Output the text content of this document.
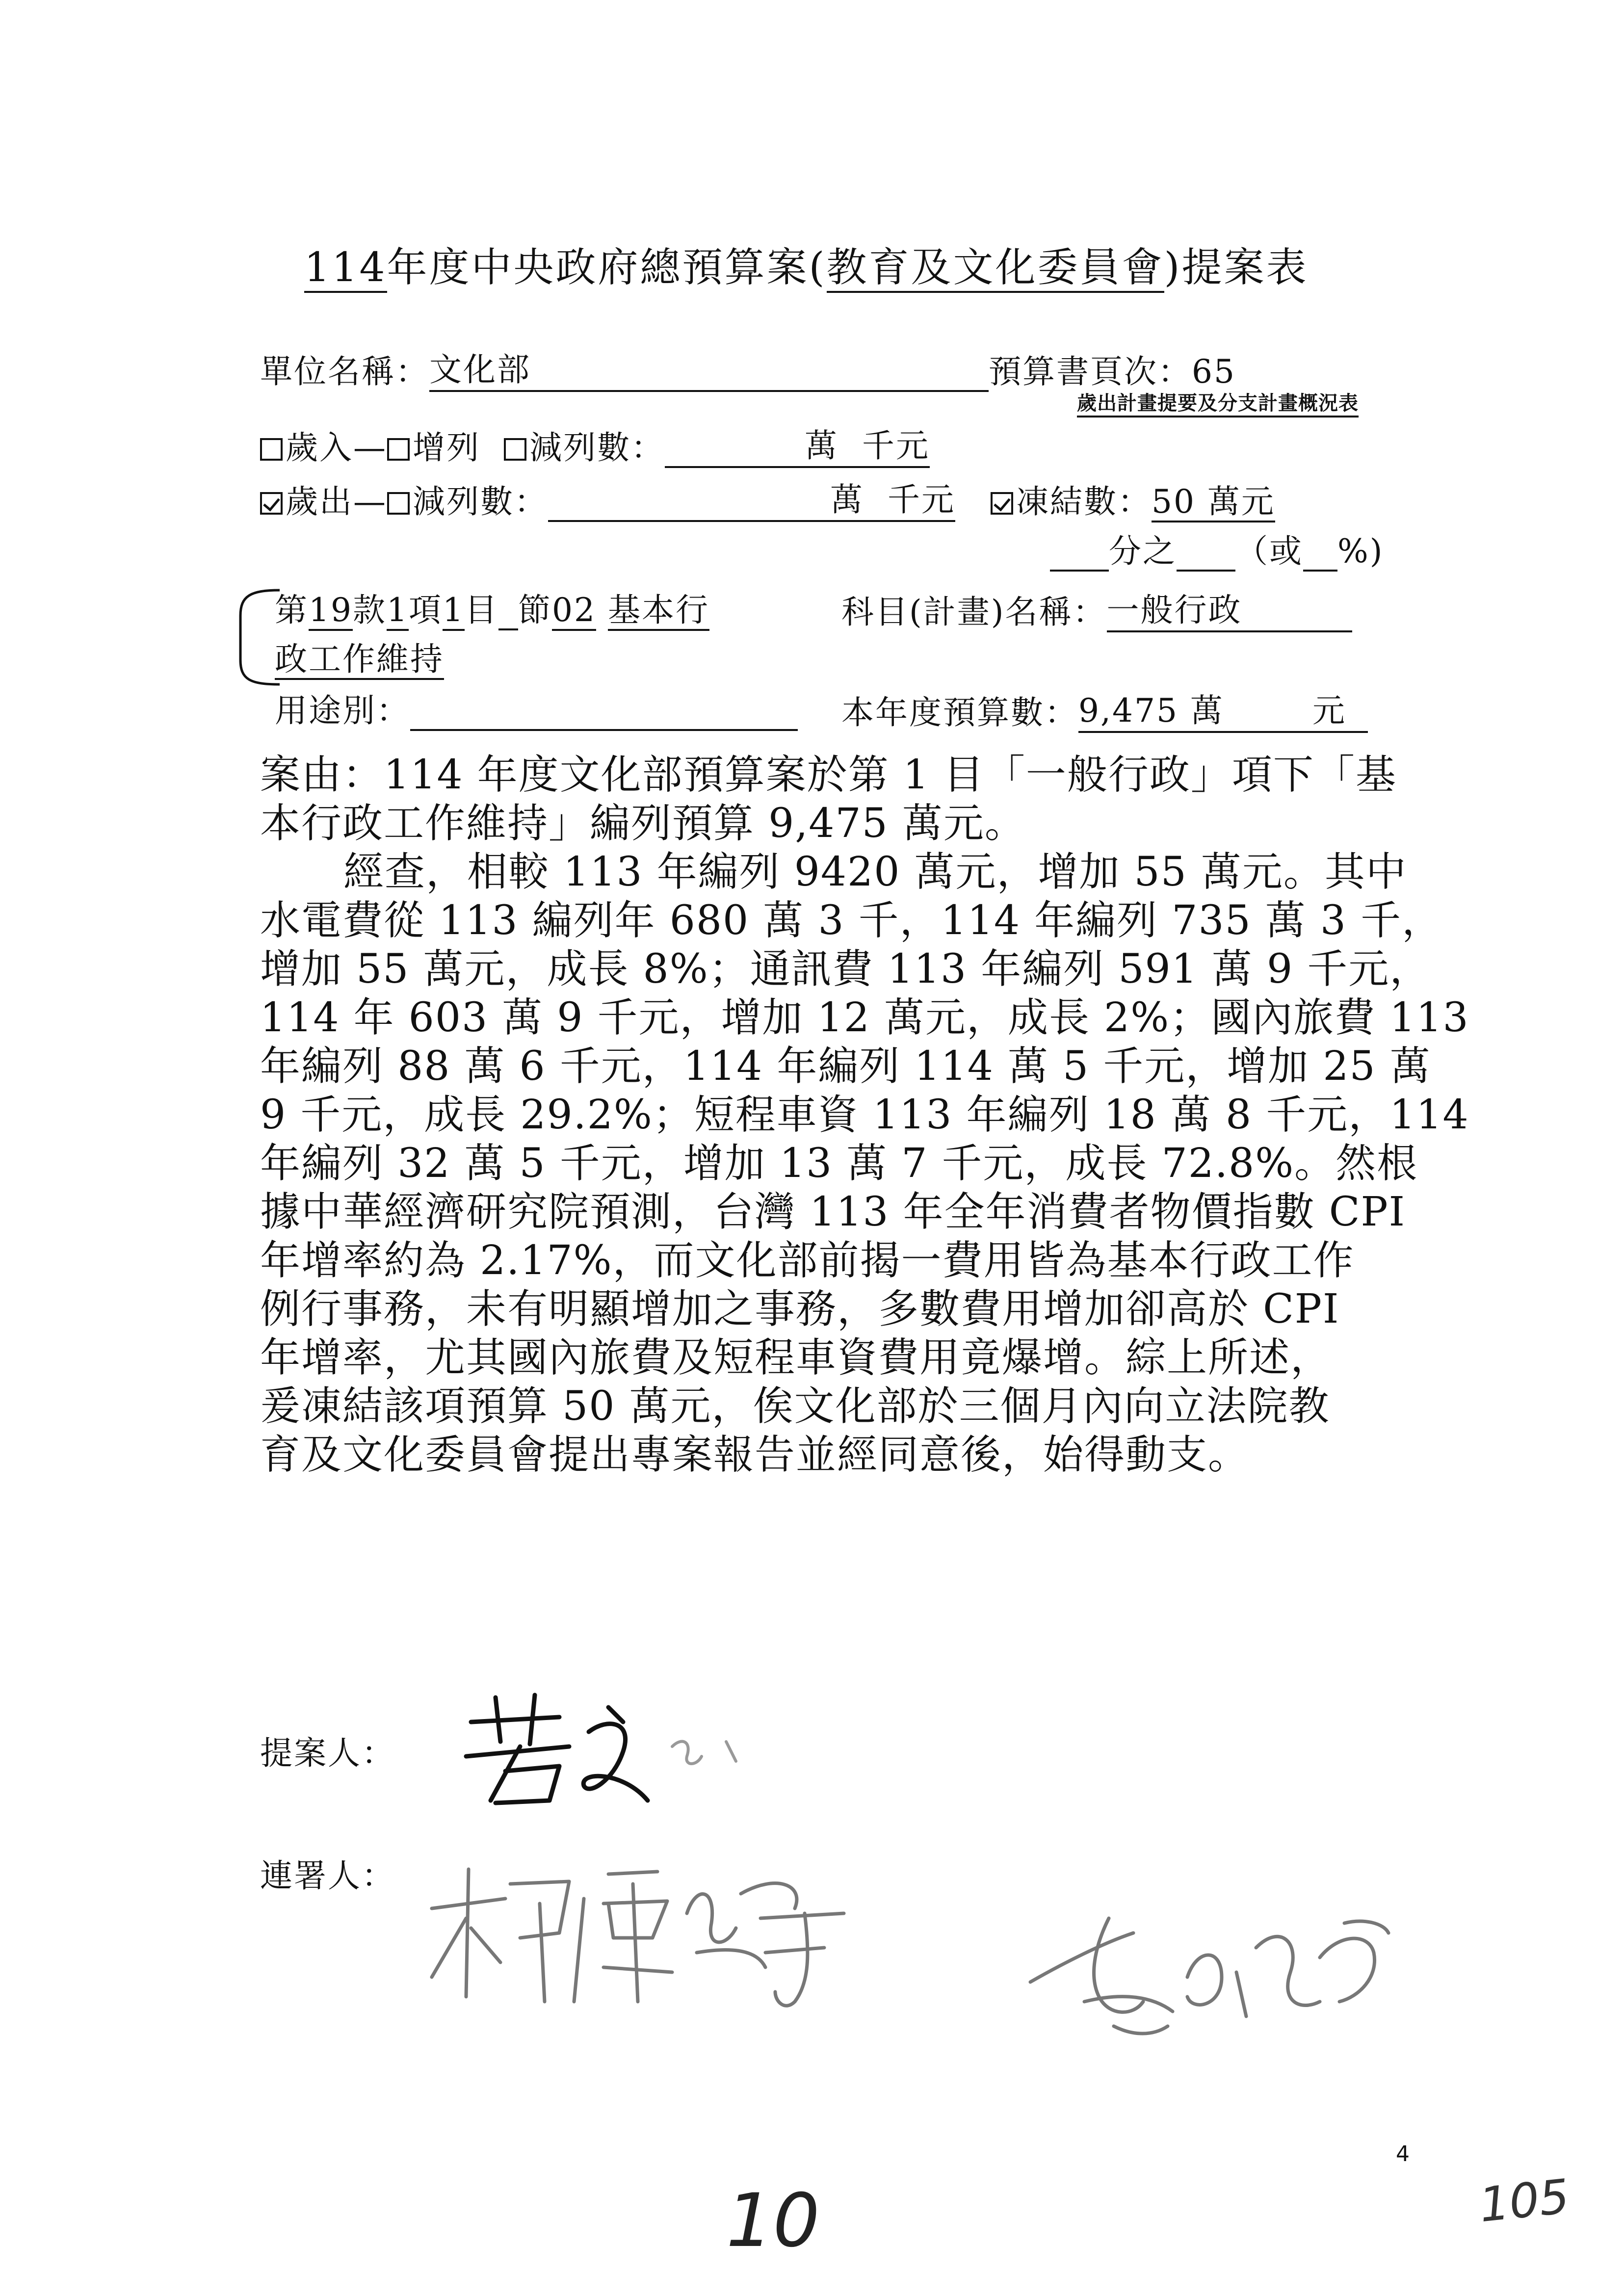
114年度中央政府總預算案(教育及文化委員會)提案表
單位名稱：文化部	預算書頁次：65
歲出計畫提要及分支計畫概況表
歲入— 增列 減列數：	萬 千元
歲出— 減列數：	萬 千元 凍結數：50 萬元
分之 （或 %)
第19款1項1目 節02 基本行	科目(計畫)名稱：一般行政
政工作維持
用途別：	本年度預算數：9,475 萬	元
案由：114 年度文化部預算案於第 1 目「一般行政」項下「基
本行政工作維持」編列預算 9,475 萬元。
經查，相較 113 年編列 9420 萬元，增加 55 萬元。其中
水電費從 113 編列年 680 萬 3 千，114 年編列 735 萬 3 千，
增加 55 萬元，成長 8%；通訊費 113 年編列 591 萬 9 千元，
114 年 603 萬 9 千元，增加 12 萬元，成長 2%；國內旅費 113
年編列 88 萬 6 千元，114 年編列 114 萬 5 千元，增加 25 萬
9 千元，成長 29.2%；短程車資 113 年編列 18 萬 8 千元，114
年編列 32 萬 5 千元，增加 13 萬 7 千元，成長 72.8%。然根
據中華經濟研究院預測，台灣 113 年全年消費者物價指數 CPI
年增率約為 2.17%，而文化部前揭一費用皆為基本行政工作
例行事務，未有明顯增加之事務，多數費用增加卻高於 CPI
年增率，尤其國內旅費及短程車資費用竟爆增。綜上所述，
爰凍結該項預算 50 萬元，俟文化部於三個月內向立法院教
育及文化委員會提出專案報告並經同意後，始得動支。
提案人：
連署人：
4
10	105
